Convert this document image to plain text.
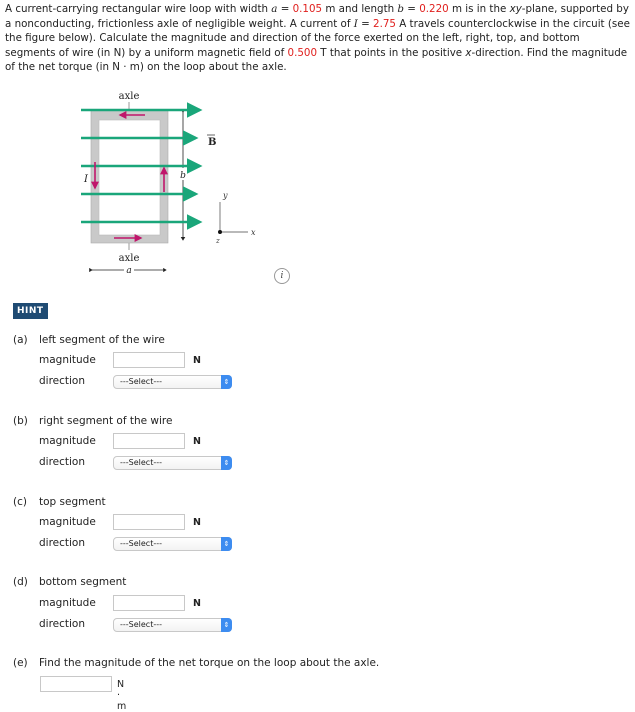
A current-carrying rectangular wire loop with width a = 0.105 m and length b = 0.220 m is in the xy-plane, supported by a nonconducting, frictionless axle of negligible weight. A current of I = 2.75 A travels counterclockwise in the circuit (see the figure below). Calculate the magnitude and direction of the force exerted on the left, right, top, and bottom segments of wire (in N) by a uniform magnetic field of 0.500 T that points in the positive x-direction. Find the magnitude of the net torque (in N · m) on the loop about the axle.
axle
axle
b
B
I
a
y
x
z
i
HINT
(a) left segment of the wire
magnitude	N
direction	---Select---	⇕
(b) right segment of the wire
magnitude	N
direction	---Select---	⇕
(c) top segment
magnitude	N
direction	---Select---	⇕
(d) bottom segment
magnitude	N
direction	---Select---	⇕
(e) Find the magnitude of the net torque on the loop about the axle.
N · m
